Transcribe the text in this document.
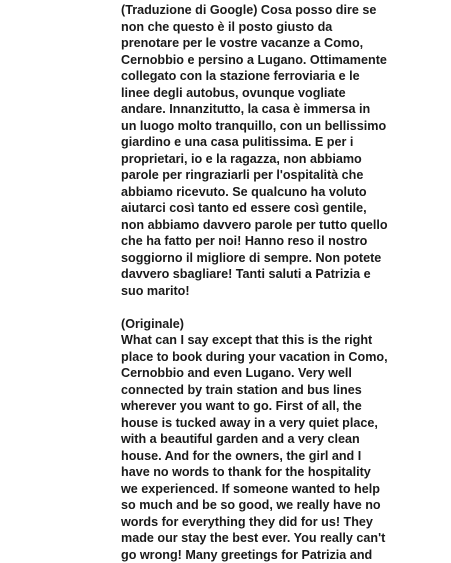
(Traduzione di Google) Cosa posso dire se
non che questo è il posto giusto da
prenotare per le vostre vacanze a Como,
Cernobbio e persino a Lugano. Ottimamente
collegato con la stazione ferroviaria e le
linee degli autobus, ovunque vogliate
andare. Innanzitutto, la casa è immersa in
un luogo molto tranquillo, con un bellissimo
giardino e una casa pulitissima. E per i
proprietari, io e la ragazza, non abbiamo
parole per ringraziarli per l'ospitalità che
abbiamo ricevuto. Se qualcuno ha voluto
aiutarci così tanto ed essere così gentile,
non abbiamo davvero parole per tutto quello
che ha fatto per noi! Hanno reso il nostro
soggiorno il migliore di sempre. Non potete
davvero sbagliare! Tanti saluti a Patrizia e
suo marito!
(Originale)
What can I say except that this is the right
place to book during your vacation in Como,
Cernobbio and even Lugano. Very well
connected by train station and bus lines
wherever you want to go. First of all, the
house is tucked away in a very quiet place,
with a beautiful garden and a very clean
house. And for the owners, the girl and I
have no words to thank for the hospitality
we experienced. If someone wanted to help
so much and be so good, we really have no
words for everything they did for us! They
made our stay the best ever. You really can't
go wrong! Many greetings for Patrizia and
